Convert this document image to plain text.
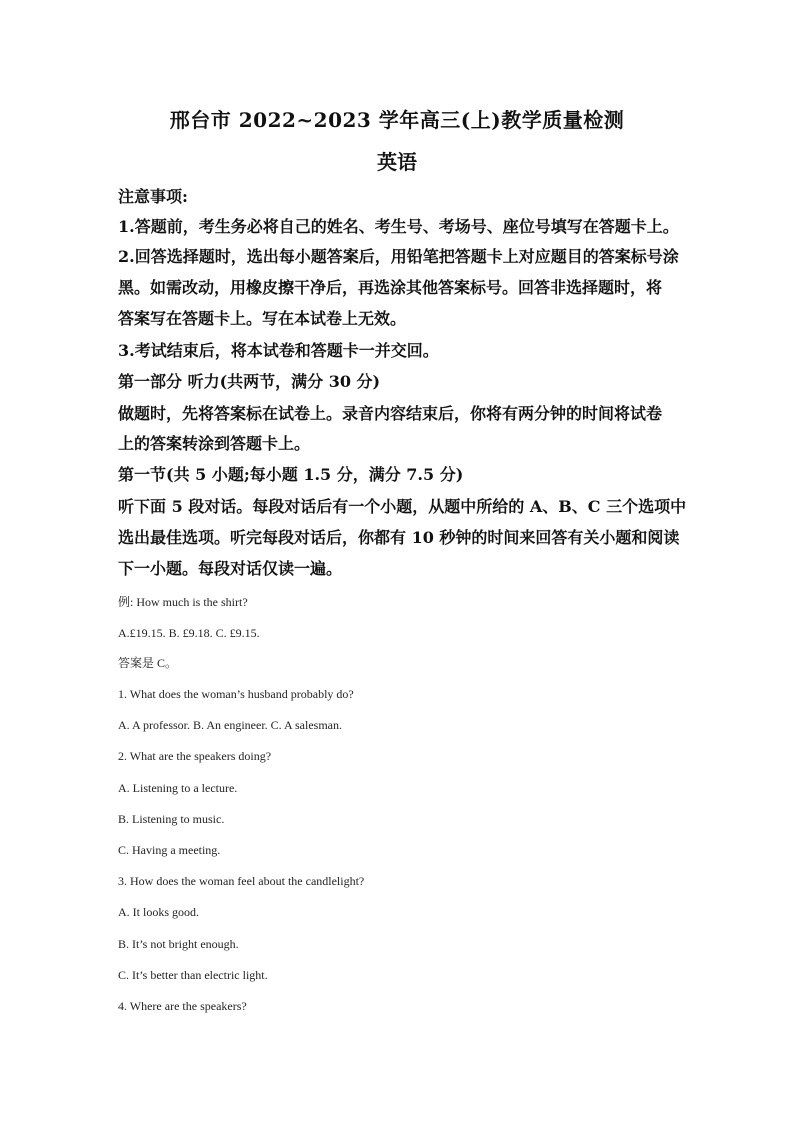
邢台市 2022~2023 学年高三(上)教学质量检测
英语
注意事项:
1.答题前，考生务必将自己的姓名、考生号、考场号、座位号填写在答题卡上。
2.回答选择题时，选出每小题答案后，用铅笔把答题卡上对应题目的答案标号涂
黑。如需改动，用橡皮擦干净后，再选涂其他答案标号。回答非选择题时，将
答案写在答题卡上。写在本试卷上无效。
3.考试结束后，将本试卷和答题卡一并交回。
第一部分 听力(共两节，满分 30 分)
做题时，先将答案标在试卷上。录音内容结束后，你将有两分钟的时间将试卷
上的答案转涂到答题卡上。
第一节(共 5 小题;每小题 1.5 分，满分 7.5 分)
听下面 5 段对话。每段对话后有一个小题，从题中所给的 A、B、C 三个选项中
选出最佳选项。听完每段对话后，你都有 10 秒钟的时间来回答有关小题和阅读
下一小题。每段对话仅读一遍。
例: How much is the shirt?
A.£19.15. B. £9.18. C. £9.15.
答案是 C。
1. What does the woman’s husband probably do?
A. A professor. B. An engineer. C. A salesman.
2. What are the speakers doing?
A. Listening to a lecture.
B. Listening to music.
C. Having a meeting.
3. How does the woman feel about the candlelight?
A. It looks good.
B. It’s not bright enough.
C. It’s better than electric light.
4. Where are the speakers?
